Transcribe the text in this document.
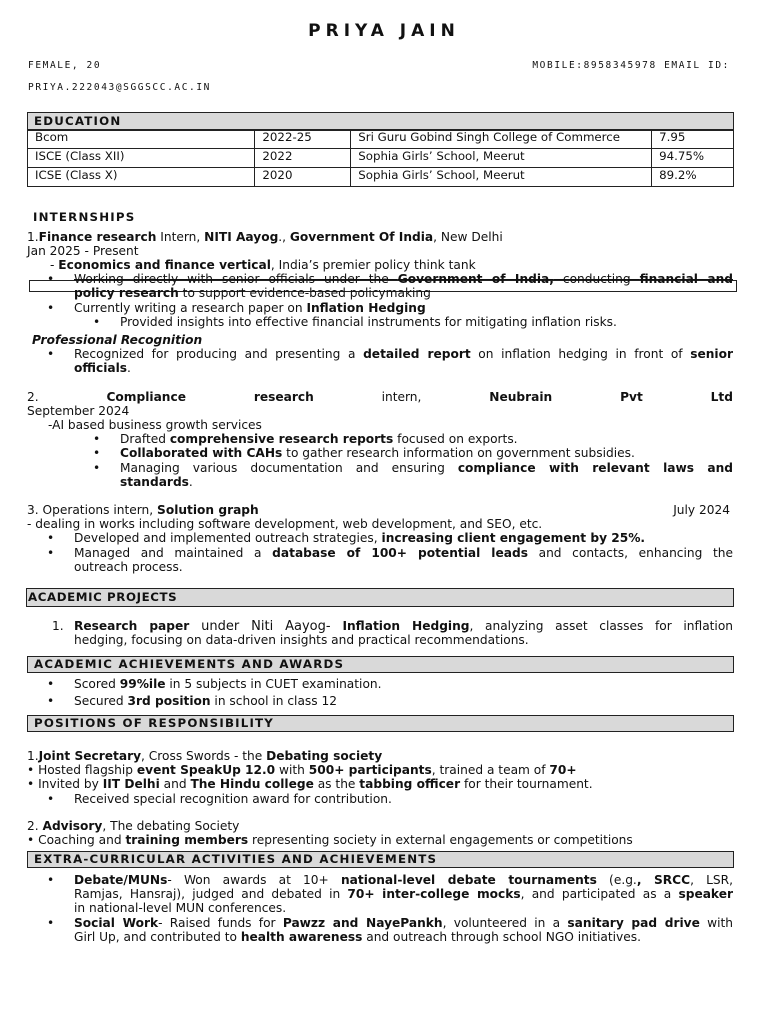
PRIYA JAIN
FEMALE, 20	MOBILE:8958345978 EMAIL ID:
PRIYA.222043@SGGSCC.AC.IN
EDUCATION
Bcom	2022-25	Sri Guru Gobind Singh College of Commerce	7.95
ISCE (Class XII)	2022	Sophia Girls’ School, Meerut	94.75%
ICSE (Class X)	2020	Sophia Girls’ School, Meerut	89.2%
INTERNSHIPS
1.Finance research Intern, NITI Aayog., Government Of India, New Delhi
Jan 2025 - Present
- Economics and finance vertical, India’s premier policy think tank
•	Working directly with senior officials under the Government of India, conducting financial and
policy research to support evidence-based policymaking
•	Currently writing a research paper on Inflation Hedging
•	Provided insights into effective financial instruments for mitigating inflation risks.
Professional Recognition
•	Recognized for producing and presenting a detailed report on inflation hedging in front of senior
officials.
2.	Compliance	research	intern,	Neubrain	Pvt	Ltd
September 2024
-AI based business growth services
•	Drafted comprehensive research reports focused on exports.
•	Collaborated with CAHs to gather research information on government subsidies.
•	Managing various documentation and ensuring compliance with relevant laws and
standards.
3. Operations intern, Solution graph	July 2024
- dealing in works including software development, web development, and SEO, etc.
•	Developed and implemented outreach strategies, increasing client engagement by 25%.
•	Managed and maintained a database of 100+ potential leads and contacts, enhancing the
outreach process.
ACADEMIC PROJECTS
1. Research paper under Niti Aayog- Inflation Hedging, analyzing asset classes for inflation
hedging, focusing on data-driven insights and practical recommendations.
ACADEMIC ACHIEVEMENTS AND AWARDS
•	Scored 99%ile in 5 subjects in CUET examination.
•	Secured 3rd position in school in class 12
POSITIONS OF RESPONSIBILITY
1.Joint Secretary, Cross Swords - the Debating society
• Hosted flagship event SpeakUp 12.0 with 500+ participants, trained a team of 70+
• Invited by IIT Delhi and The Hindu college as the tabbing officer for their tournament.
•	Received special recognition award for contribution.
2. Advisory, The debating Society
• Coaching and training members representing society in external engagements or competitions
EXTRA-CURRICULAR ACTIVITIES AND ACHIEVEMENTS
•	Debate/MUNs- Won awards at 10+ national-level debate tournaments (e.g., SRCC, LSR,
Ramjas, Hansraj), judged and debated in 70+ inter-college mocks, and participated as a speaker
in national-level MUN conferences.
•	Social Work- Raised funds for Pawzz and NayePankh, volunteered in a sanitary pad drive with
Girl Up, and contributed to health awareness and outreach through school NGO initiatives.
